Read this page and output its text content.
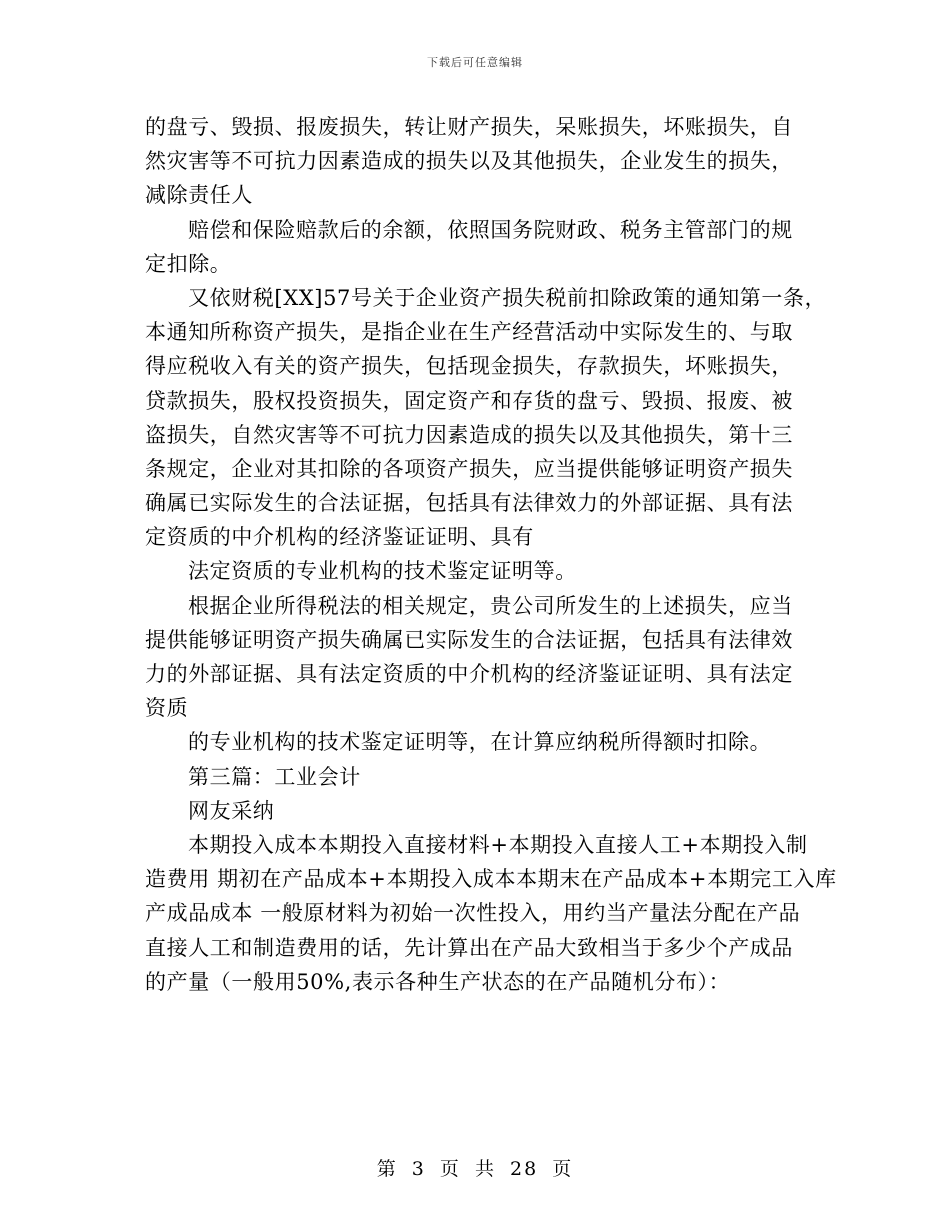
下载后可任意编辑
的盘亏、毁损、报废损失，转让财产损失，呆账损失，坏账损失，自
然灾害等不可抗力因素造成的损失以及其他损失，企业发生的损失，
减除责任人
赔偿和保险赔款后的余额，依照国务院财政、税务主管部门的规
定扣除。
又依财税[XX]57号关于企业资产损失税前扣除政策的通知第一条，
本通知所称资产损失，是指企业在生产经营活动中实际发生的、与取
得应税收入有关的资产损失，包括现金损失，存款损失，坏账损失，
贷款损失，股权投资损失，固定资产和存货的盘亏、毁损、报废、被
盗损失，自然灾害等不可抗力因素造成的损失以及其他损失，第十三
条规定，企业对其扣除的各项资产损失，应当提供能够证明资产损失
确属已实际发生的合法证据，包括具有法律效力的外部证据、具有法
定资质的中介机构的经济鉴证证明、具有
法定资质的专业机构的技术鉴定证明等。
根据企业所得税法的相关规定，贵公司所发生的上述损失，应当
提供能够证明资产损失确属已实际发生的合法证据，包括具有法律效
力的外部证据、具有法定资质的中介机构的经济鉴证证明、具有法定
资质
的专业机构的技术鉴定证明等，在计算应纳税所得额时扣除。
第三篇：工业会计
网友采纳
本期投入成本本期投入直接材料+本期投入直接人工+本期投入制
造费用 期初在产品成本+本期投入成本本期末在产品成本+本期完工入库
产成品成本 一般原材料为初始一次性投入，用约当产量法分配在产品
直接人工和制造费用的话，先计算出在产品大致相当于多少个产成品
的产量（一般用50%,表示各种生产状态的在产品随机分布）：
第 3 页 共 28 页
